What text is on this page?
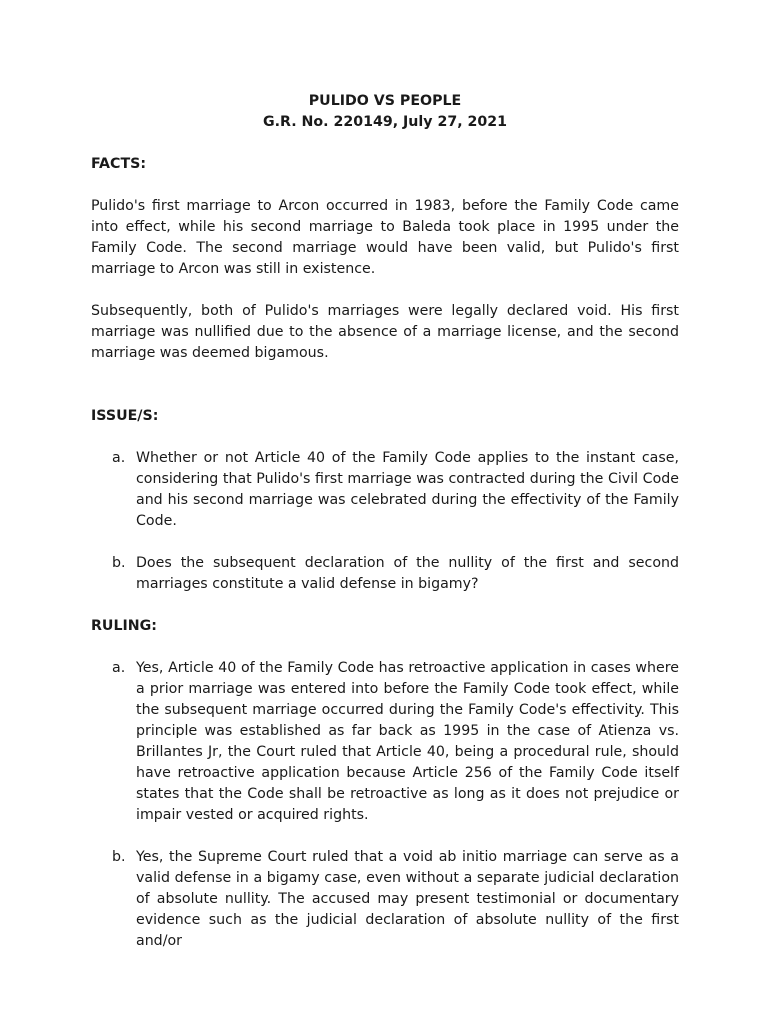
PULIDO VS PEOPLE

G.R. No. 220149, July 27, 2021

FACTS:

Pulido's first marriage to Arcon occurred in 1983, before the Family Code came into effect, while his second marriage to Baleda took place in 1995 under the Family Code. The second marriage would have been valid, but Pulido's first marriage to Arcon was still in existence.

Subsequently, both of Pulido's marriages were legally declared void. His first marriage was nullified due to the absence of a marriage license, and the second marriage was deemed bigamous.

ISSUE/S:

a. Whether or not Article 40 of the Family Code applies to the instant case, considering that Pulido's first marriage was contracted during the Civil Code and his second marriage was celebrated during the effectivity of the Family Code.
b. Does the subsequent declaration of the nullity of the first and second marriages constitute a valid defense in bigamy?

RULING:

a. Yes, Article 40 of the Family Code has retroactive application in cases where a prior marriage was entered into before the Family Code took effect, while the subsequent marriage occurred during the Family Code's effectivity. This principle was established as far back as 1995 in the case of Atienza vs. Brillantes Jr, the Court ruled that Article 40, being a procedural rule, should have retroactive application because Article 256 of the Family Code itself states that the Code shall be retroactive as long as it does not prejudice or impair vested or acquired rights.
b. Yes, the Supreme Court ruled that a void ab initio marriage can serve as a valid defense in a bigamy case, even without a separate judicial declaration of absolute nullity. The accused may present testimonial or documentary evidence such as the judicial declaration of absolute nullity of the first and/or
